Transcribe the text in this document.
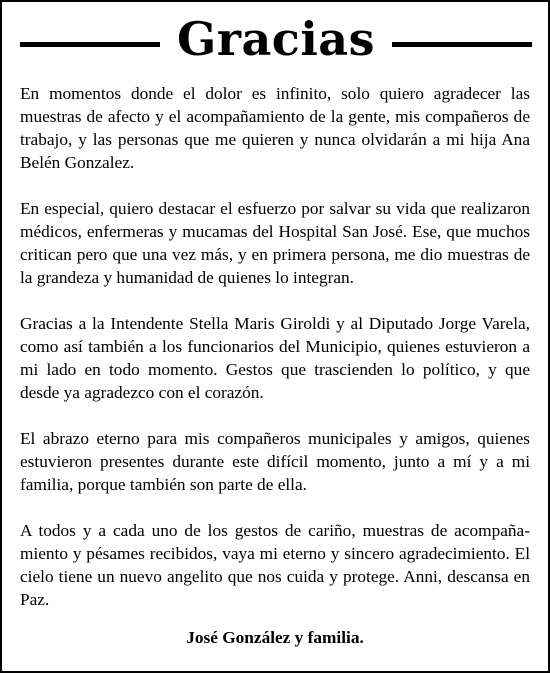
Gracias

En momentos donde el dolor es infinito, solo quiero agradecer las muestras de afecto y el acompañamiento de la gente, mis compañeros de trabajo, y las personas que me quieren y nunca olvidarán a mi hija Ana Belén Gonzalez.

En especial, quiero destacar el esfuerzo por salvar su vida que realizaron médicos, enfermeras y mucamas del Hospital San José. Ese, que muchos critican pero que una vez más, y en primera persona, me dio muestras de la grandeza y humanidad de quienes lo integran.

Gracias a la Intendente Stella Maris Giroldi y al Diputado Jorge Varela, como así también a los funcionarios del Municipio, quienes estuvieron a mi lado en todo momento. Gestos que trascienden lo político, y que desde ya agradezco con el corazón.

El abrazo eterno para mis compañeros municipales y amigos, quienes estuvieron presentes durante este difícil momento, junto a mí y a mi familia, porque también son parte de ella.

A todos y a cada uno de los gestos de cariño, muestras de acompañamiento y pésames recibidos, vaya mi eterno y sincero agradecimiento. El cielo tiene un nuevo angelito que nos cuida y protege. Anni, descansa en Paz.

José González y familia.
